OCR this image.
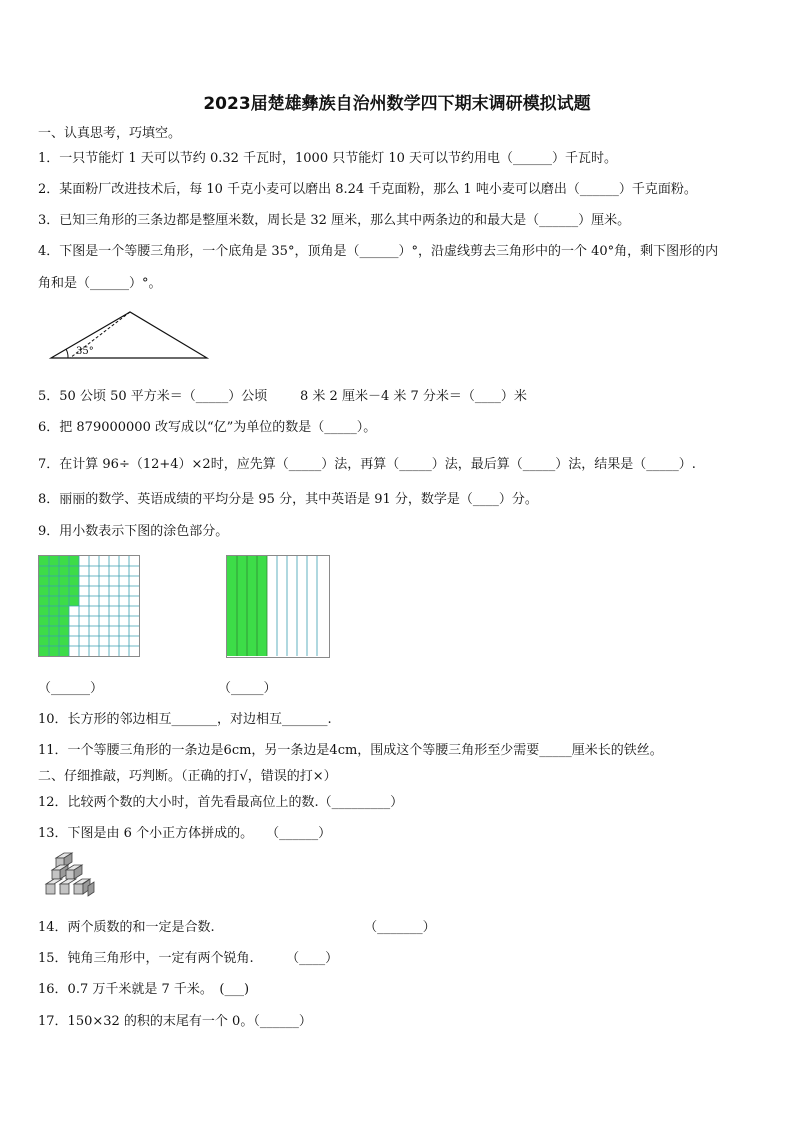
2023届楚雄彝族自治州数学四下期末调研模拟试题
一、认真思考，巧填空。
1．一只节能灯 1 天可以节约 0.32 千瓦时，1000 只节能灯 10 天可以节约用电（______）千瓦时。
2．某面粉厂改进技术后，每 10 千克小麦可以磨出 8.24 千克面粉，那么 1 吨小麦可以磨出（______）千克面粉。
3．已知三角形的三条边都是整厘米数，周长是 32 厘米，那么其中两条边的和最大是（______）厘米。
4．下图是一个等腰三角形，一个底角是 35°，顶角是（______）°，沿虚线剪去三角形中的一个 40°角，剩下图形的内
角和是（______）°。
35°
5．50 公顷 50 平方米＝（_____）公顷	8 米 2 厘米－4 米 7 分米＝（____）米
6．把 879000000 改写成以“亿”为单位的数是（_____）。
7．在计算 96÷（12+4）×2时，应先算（_____）法，再算（_____）法，最后算（_____）法，结果是（_____）.
8．丽丽的数学、英语成绩的平均分是 95 分，其中英语是 91 分，数学是（____）分。
9．用小数表示下图的涂色部分。
（______）	（_____）
10．长方形的邻边相互_______，对边相互_______.
11．一个等腰三角形的一条边是6cm，另一条边是4cm，围成这个等腰三角形至少需要_____厘米长的铁丝。
二、仔细推敲，巧判断。（正确的打√，错误的打×）
12．比较两个数的大小时，首先看最高位上的数.（_________）
13．下图是由 6 个小正方体拼成的。　　（______）
14．两个质数的和一定是合数.　　　　　　　　　　　　（_______）
15．钝角三角形中，一定有两个锐角.　　　（____）
16．0.7 万千米就是 7 千米。　(___)
17．150×32 的积的末尾有一个 0。（______）
